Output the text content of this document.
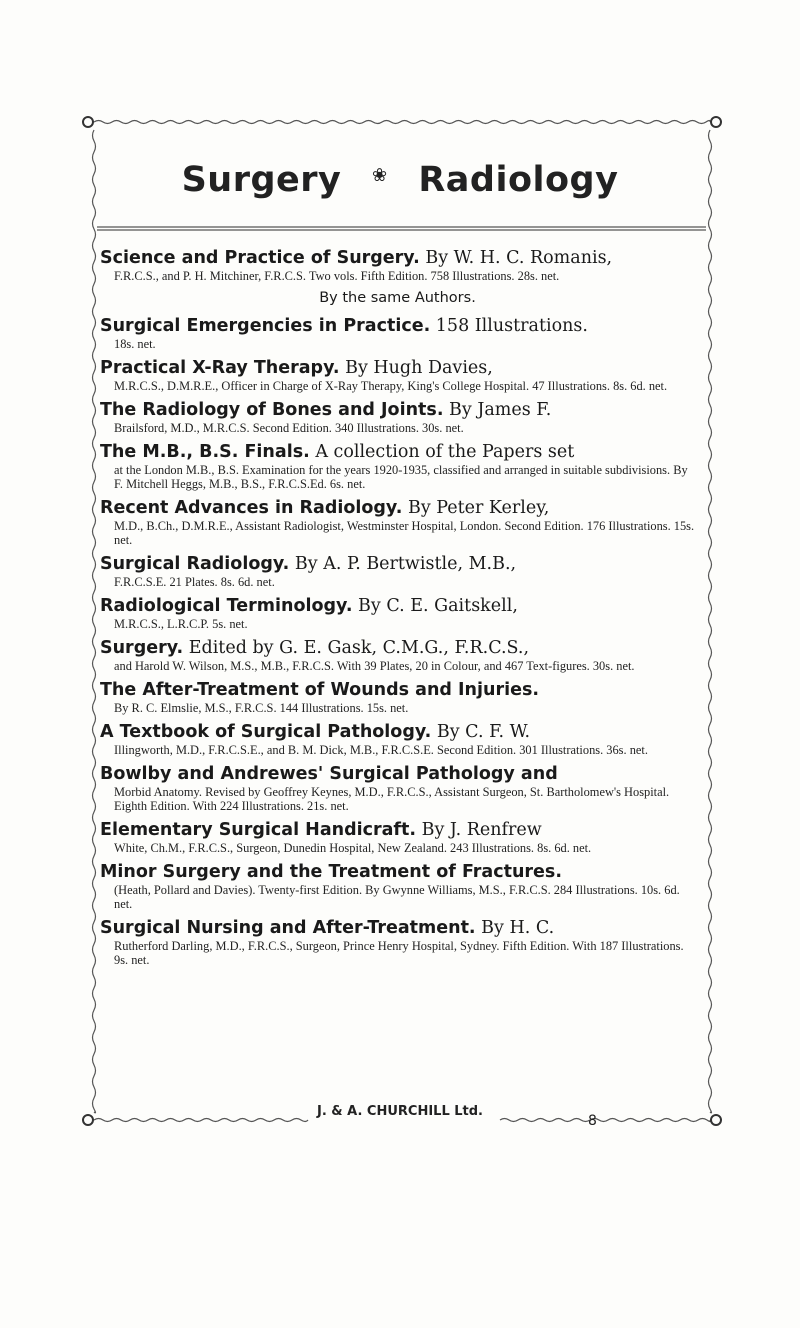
Surgery ❀ Radiology
Science and Practice of Surgery. By W. H. C. Romanis,
F.R.C.S., and P. H. Mitchiner, F.R.C.S. Two vols. Fifth Edition. 758 Illustrations. 28s. net.
By the same Authors.
Surgical Emergencies in Practice. 158 Illustrations.
18s. net.
Practical X-Ray Therapy. By Hugh Davies,
M.R.C.S., D.M.R.E., Officer in Charge of X-Ray Therapy, King's College Hospital. 47 Illustrations. 8s. 6d. net.
The Radiology of Bones and Joints. By James F.
Brailsford, M.D., M.R.C.S. Second Edition. 340 Illustrations. 30s. net.
The M.B., B.S. Finals. A collection of the Papers set
at the London M.B., B.S. Examination for the years 1920-1935, classified and arranged in suitable subdivisions. By F. Mitchell Heggs, M.B., B.S., F.R.C.S.Ed. 6s. net.
Recent Advances in Radiology. By Peter Kerley,
M.D., B.Ch., D.M.R.E., Assistant Radiologist, Westminster Hospital, London. Second Edition. 176 Illustrations. 15s. net.
Surgical Radiology. By A. P. Bertwistle, M.B.,
F.R.C.S.E. 21 Plates. 8s. 6d. net.
Radiological Terminology. By C. E. Gaitskell,
M.R.C.S., L.R.C.P. 5s. net.
Surgery. Edited by G. E. Gask, C.M.G., F.R.C.S.,
and Harold W. Wilson, M.S., M.B., F.R.C.S. With 39 Plates, 20 in Colour, and 467 Text-figures. 30s. net.
The After-Treatment of Wounds and Injuries.
By R. C. Elmslie, M.S., F.R.C.S. 144 Illustrations. 15s. net.
A Textbook of Surgical Pathology. By C. F. W.
Illingworth, M.D., F.R.C.S.E., and B. M. Dick, M.B., F.R.C.S.E. Second Edition. 301 Illustrations. 36s. net.
Bowlby and Andrewes' Surgical Pathology and
Morbid Anatomy. Revised by Geoffrey Keynes, M.D., F.R.C.S., Assistant Surgeon, St. Bartholomew's Hospital. Eighth Edition. With 224 Illustrations. 21s. net.
Elementary Surgical Handicraft. By J. Renfrew
White, Ch.M., F.R.C.S., Surgeon, Dunedin Hospital, New Zealand. 243 Illustrations. 8s. 6d. net.
Minor Surgery and the Treatment of Fractures.
(Heath, Pollard and Davies). Twenty-first Edition. By Gwynne Williams, M.S., F.R.C.S. 284 Illustrations. 10s. 6d. net.
Surgical Nursing and After-Treatment. By H. C.
Rutherford Darling, M.D., F.R.C.S., Surgeon, Prince Henry Hospital, Sydney. Fifth Edition. With 187 Illustrations. 9s. net.
J. & A. CHURCHILL Ltd.
8
